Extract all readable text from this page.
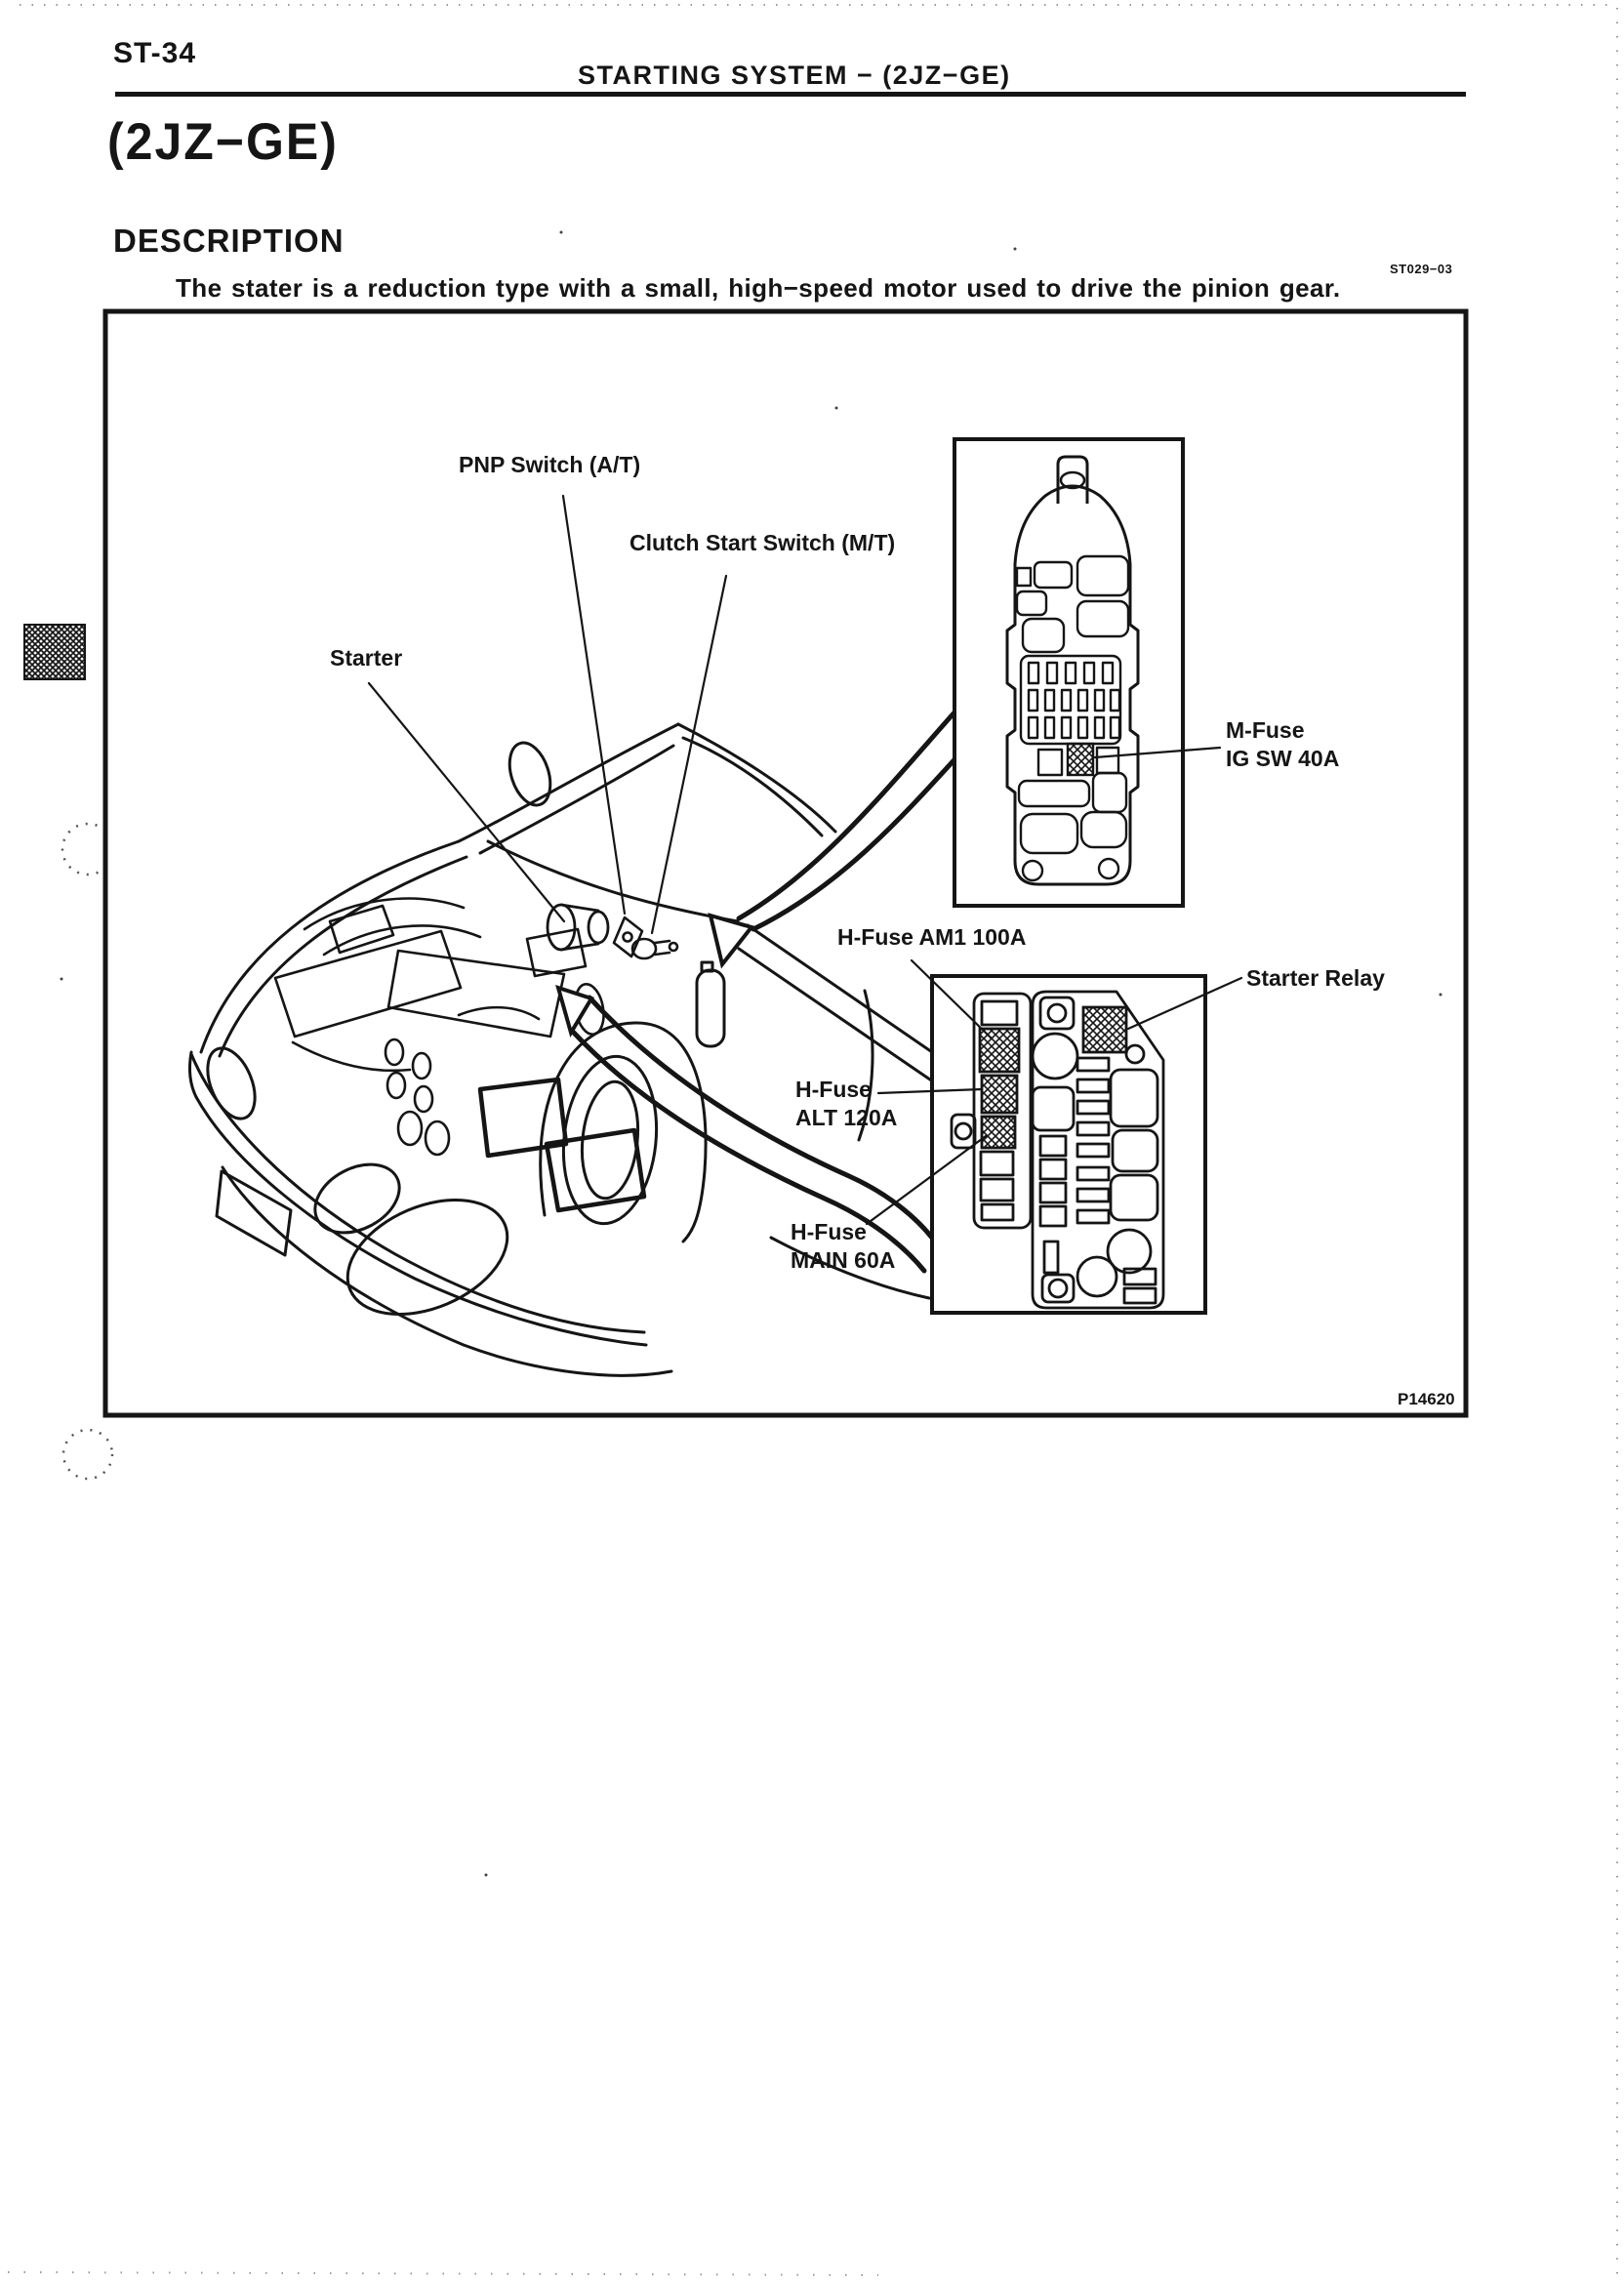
ST-34
STARTING SYSTEM − (2JZ−GE)
(2JZ−GE)
DESCRIPTION
ST029−03
The stater is a reduction type with a small, high−speed motor used to drive the pinion gear.
PNP Switch (A/T)
Clutch Start Switch (M/T)
Starter
M-Fuse
IG SW 40A
H-Fuse AM1 100A
Starter Relay
H-Fuse
ALT 120A
H-Fuse
MAIN 60A
P14620
